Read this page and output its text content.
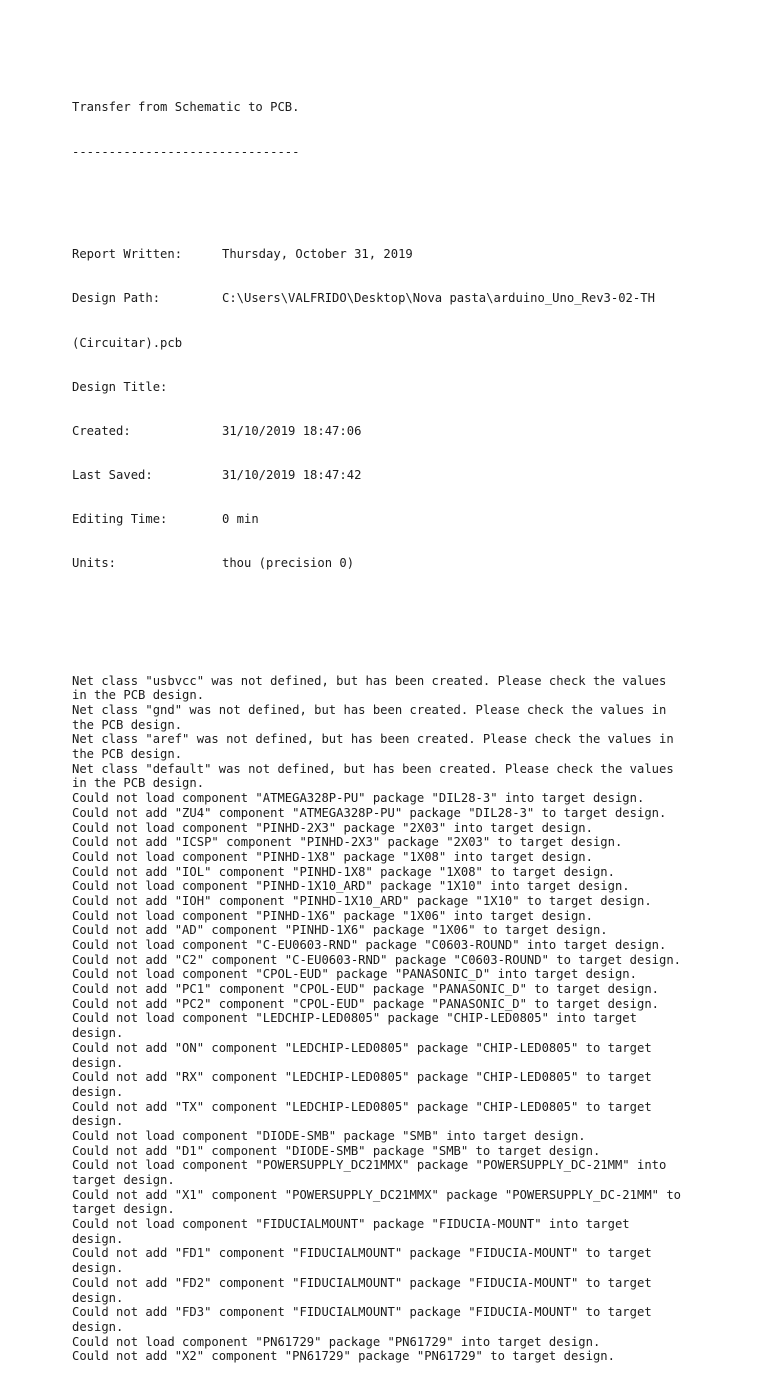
Transfer from Schematic to PCB.

-------------------------------

Report Written:	Thursday, October 31, 2019

Design Path:	C:\Users\VALFRIDO\Desktop\Nova pasta\arduino_Uno_Rev3-02-TH

(Circuitar).pcb

Design Title:

Created:	31/10/2019 18:47:06

Last Saved:	31/10/2019 18:47:42

Editing Time:	0 min

Units:	thou (precision 0)

Net class "usbvcc" was not defined, but has been created. Please check the values
in the PCB design.
Net class "gnd" was not defined, but has been created. Please check the values in
the PCB design.
Net class "aref" was not defined, but has been created. Please check the values in
the PCB design.
Net class "default" was not defined, but has been created. Please check the values
in the PCB design.
Could not load component "ATMEGA328P-PU" package "DIL28-3" into target design.
Could not add "ZU4" component "ATMEGA328P-PU" package "DIL28-3" to target design.
Could not load component "PINHD-2X3" package "2X03" into target design.
Could not add "ICSP" component "PINHD-2X3" package "2X03" to target design.
Could not load component "PINHD-1X8" package "1X08" into target design.
Could not add "IOL" component "PINHD-1X8" package "1X08" to target design.
Could not load component "PINHD-1X10_ARD" package "1X10" into target design.
Could not add "IOH" component "PINHD-1X10_ARD" package "1X10" to target design.
Could not load component "PINHD-1X6" package "1X06" into target design.
Could not add "AD" component "PINHD-1X6" package "1X06" to target design.
Could not load component "C-EU0603-RND" package "C0603-ROUND" into target design.
Could not add "C2" component "C-EU0603-RND" package "C0603-ROUND" to target design.
Could not load component "CPOL-EUD" package "PANASONIC_D" into target design.
Could not add "PC1" component "CPOL-EUD" package "PANASONIC_D" to target design.
Could not add "PC2" component "CPOL-EUD" package "PANASONIC_D" to target design.
Could not load component "LEDCHIP-LED0805" package "CHIP-LED0805" into target
design.
Could not add "ON" component "LEDCHIP-LED0805" package "CHIP-LED0805" to target
design.
Could not add "RX" component "LEDCHIP-LED0805" package "CHIP-LED0805" to target
design.
Could not add "TX" component "LEDCHIP-LED0805" package "CHIP-LED0805" to target
design.
Could not load component "DIODE-SMB" package "SMB" into target design.
Could not add "D1" component "DIODE-SMB" package "SMB" to target design.
Could not load component "POWERSUPPLY_DC21MMX" package "POWERSUPPLY_DC-21MM" into
target design.
Could not add "X1" component "POWERSUPPLY_DC21MMX" package "POWERSUPPLY_DC-21MM" to
target design.
Could not load component "FIDUCIALMOUNT" package "FIDUCIA-MOUNT" into target
design.
Could not add "FD1" component "FIDUCIALMOUNT" package "FIDUCIA-MOUNT" to target
design.
Could not add "FD2" component "FIDUCIALMOUNT" package "FIDUCIA-MOUNT" to target
design.
Could not add "FD3" component "FIDUCIALMOUNT" package "FIDUCIA-MOUNT" to target
design.
Could not load component "PN61729" package "PN61729" into target design.
Could not add "X2" component "PN61729" package "PN61729" to target design.
